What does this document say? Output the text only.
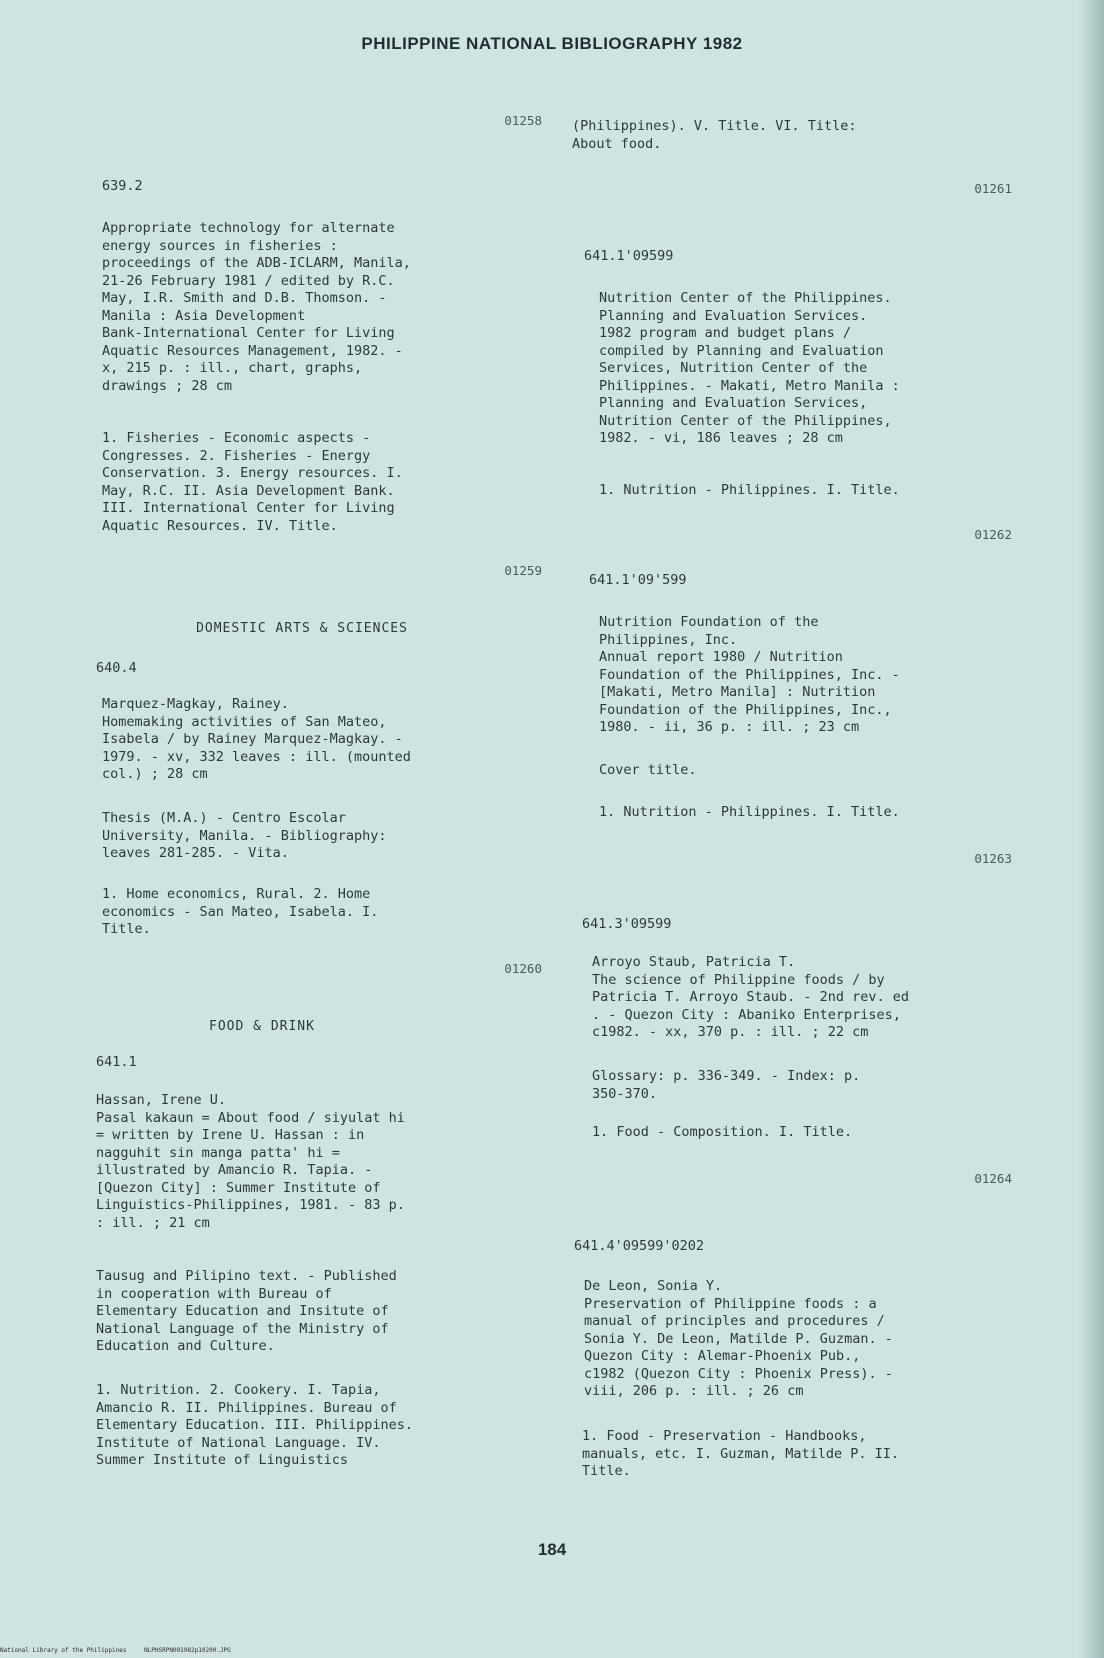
PHILIPPINE NATIONAL BIBLIOGRAPHY 1982
01258
639.2
Appropriate technology for alternate
energy sources in fisheries :
proceedings of the ADB-ICLARM, Manila,
21-26 February 1981 / edited by R.C.
May, I.R. Smith and D.B. Thomson. -
Manila : Asia Development
Bank-International Center for Living
Aquatic Resources Management, 1982. -
x, 215 p. : ill., chart, graphs,
drawings ; 28 cm
1. Fisheries - Economic aspects -
Congresses. 2. Fisheries - Energy
Conservation. 3. Energy resources. I.
May, R.C. II. Asia Development Bank.
III. International Center for Living
Aquatic Resources. IV. Title.
01259
DOMESTIC ARTS & SCIENCES
640.4
Marquez-Magkay, Rainey.
Homemaking activities of San Mateo,
Isabela / by Rainey Marquez-Magkay. -
1979. - xv, 332 leaves : ill. (mounted
col.) ; 28 cm
Thesis (M.A.) - Centro Escolar
University, Manila. - Bibliography:
leaves 281-285. - Vita.
1. Home economics, Rural. 2. Home
economics - San Mateo, Isabela. I.
Title.
01260
FOOD & DRINK
641.1
Hassan, Irene U.
Pasal kakaun = About food / siyulat hi
= written by Irene U. Hassan : in
nagguhit sin manga patta' hi =
illustrated by Amancio R. Tapia. -
[Quezon City] : Summer Institute of
Linguistics-Philippines, 1981. - 83 p.
: ill. ; 21 cm
Tausug and Pilipino text. - Published
in cooperation with Bureau of
Elementary Education and Insitute of
National Language of the Ministry of
Education and Culture.
1. Nutrition. 2. Cookery. I. Tapia,
Amancio R. II. Philippines. Bureau of
Elementary Education. III. Philippines.
Institute of National Language. IV.
Summer Institute of Linguistics
(Philippines). V. Title. VI. Title:
About food.
01261
641.1'09599
Nutrition Center of the Philippines.
Planning and Evaluation Services.
1982 program and budget plans /
compiled by Planning and Evaluation
Services, Nutrition Center of the
Philippines. - Makati, Metro Manila :
Planning and Evaluation Services,
Nutrition Center of the Philippines,
1982. - vi, 186 leaves ; 28 cm
1. Nutrition - Philippines. I. Title.
01262
641.1'09'599
Nutrition Foundation of the
Philippines, Inc.
Annual report 1980 / Nutrition
Foundation of the Philippines, Inc. -
[Makati, Metro Manila] : Nutrition
Foundation of the Philippines, Inc.,
1980. - ii, 36 p. : ill. ; 23 cm
Cover title.
1. Nutrition - Philippines. I. Title.
01263
641.3'09599
Arroyo Staub, Patricia T.
The science of Philippine foods / by
Patricia T. Arroyo Staub. - 2nd rev. ed
. - Quezon City : Abaniko Enterprises,
c1982. - xx, 370 p. : ill. ; 22 cm
Glossary: p. 336-349. - Index: p.
350-370.
1. Food - Composition. I. Title.
01264
641.4'09599'0202
De Leon, Sonia Y.
Preservation of Philippine foods : a
manual of principles and procedures /
Sonia Y. De Leon, Matilde P. Guzman. -
Quezon City : Alemar-Phoenix Pub.,
c1982 (Quezon City : Phoenix Press). -
viii, 206 p. : ill. ; 26 cm
1. Food - Preservation - Handbooks,
manuals, etc. I. Guzman, Matilde P. II.
Title.
184
National Library of the Philippines	NLPHSRPN091982p10200.JPG
